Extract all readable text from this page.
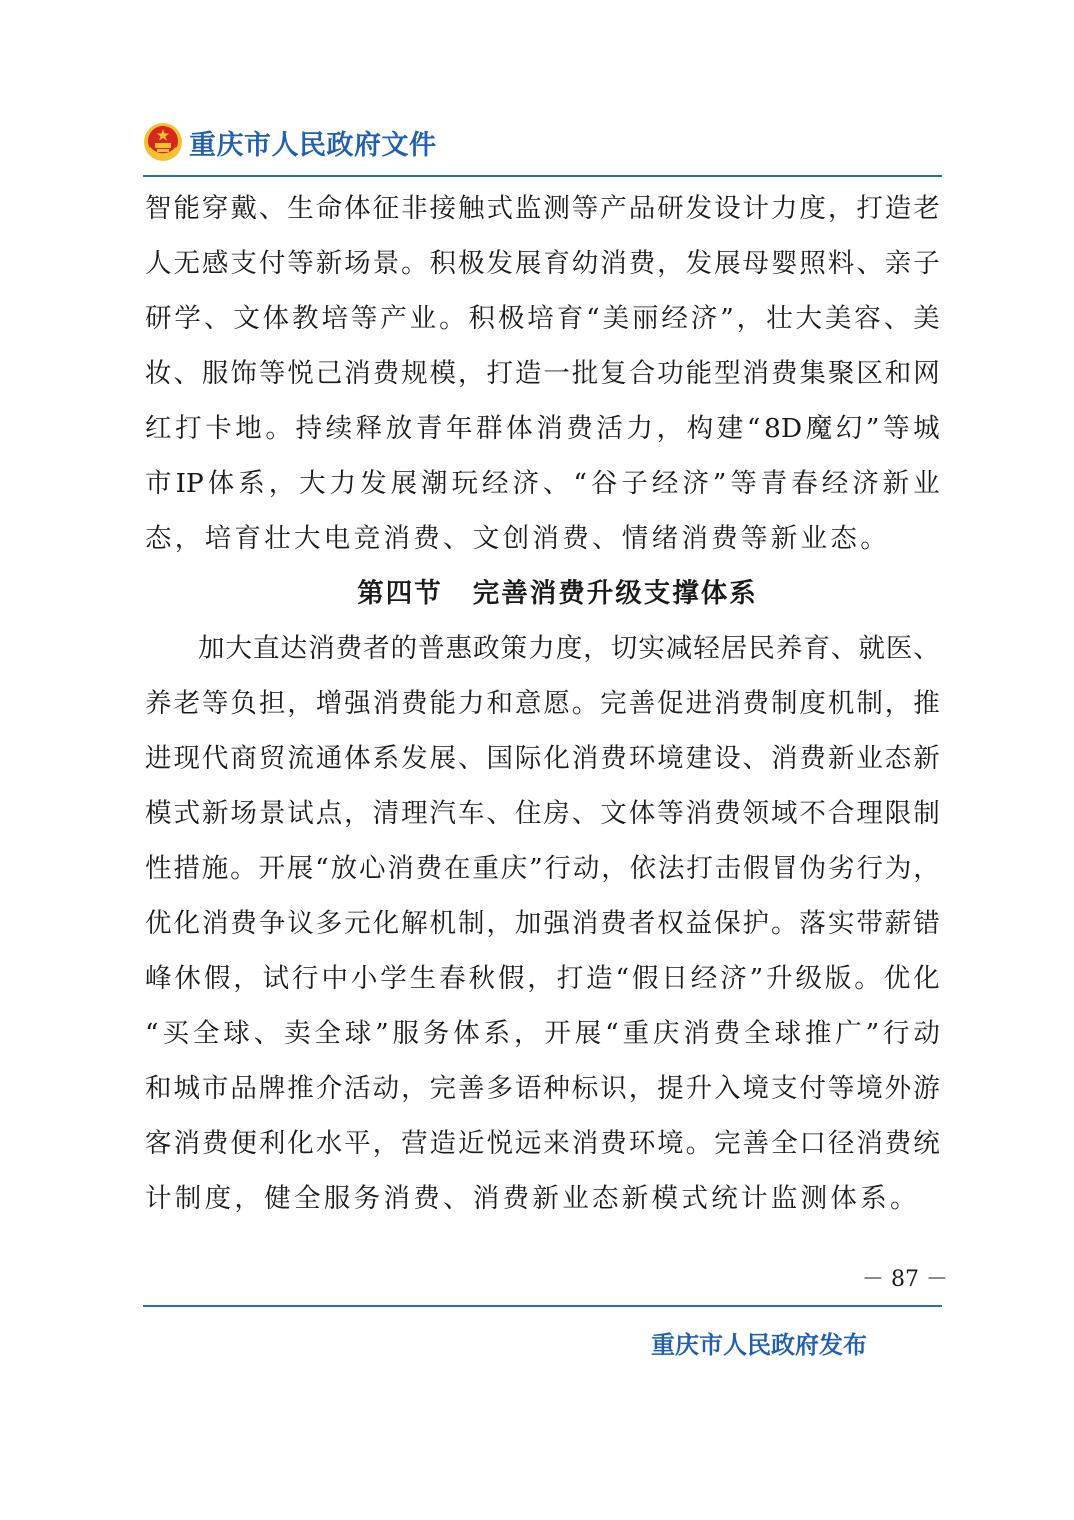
重庆市人民政府文件
智 能 穿 戴 、 生 命 体 征 非 接 触 式 监 测 等 产 品 研 发 设 计 力 度 ， 打 造 老
人 无 感 支 付 等 新 场 景 。 积 极 发 展 育 幼 消 费 ， 发 展 母 婴 照 料 、 亲 子
研 学 、 文 体 教 培 等 产 业 。 积 极 培 育 “ 美 丽 经 济 ” ， 壮 大 美 容 、 美
妆 、 服 饰 等 悦 己 消 费 规 模 ， 打 造 一 批 复 合 功 能 型 消 费 集 聚 区 和 网
红 打 卡 地 。 持 续 释 放 青 年 群 体 消 费 活 力 ， 构 建 “ 8D 魔 幻 ” 等 城
市 IP 体 系 ， 大 力 发 展 潮 玩 经 济 、 “ 谷 子 经 济 ” 等 青 春 经 济 新 业
态，培育壮大电竞消费、文创消费、情绪消费等新业态。
第四节 完善消费升级支撑体系
加 大 直 达 消 费 者 的 普 惠 政 策 力 度 ， 切 实 减 轻 居 民 养 育 、 就 医 、
养 老 等 负 担 ， 增 强 消 费 能 力 和 意 愿 。 完 善 促 进 消 费 制 度 机 制 ， 推
进 现 代 商 贸 流 通 体 系 发 展 、 国 际 化 消 费 环 境 建 设 、 消 费 新 业 态 新
模 式 新 场 景 试 点 ， 清 理 汽 车 、 住 房 、 文 体 等 消 费 领 域 不 合 理 限 制
性 措 施 。 开 展 “ 放 心 消 费 在 重 庆 ” 行 动 ， 依 法 打 击 假 冒 伪 劣 行 为 ，
优 化 消 费 争 议 多 元 化 解 机 制 ， 加 强 消 费 者 权 益 保 护 。 落 实 带 薪 错
峰 休 假 ， 试 行 中 小 学 生 春 秋 假 ， 打 造 “ 假 日 经 济 ” 升 级 版 。 优 化
“ 买 全 球 、 卖 全 球 ” 服 务 体 系 ， 开 展 “ 重 庆 消 费 全 球 推 广 ” 行 动
和 城 市 品 牌 推 介 活 动 ， 完 善 多 语 种 标 识 ， 提 升 入 境 支 付 等 境 外 游
客 消 费 便 利 化 水 平 ， 营 造 近 悦 远 来 消 费 环 境 。 完 善 全 口 径 消 费 统
计制度，健全服务消费、消费新业态新模式统计监测体系。
－ 87 －
重庆市人民政府发布
